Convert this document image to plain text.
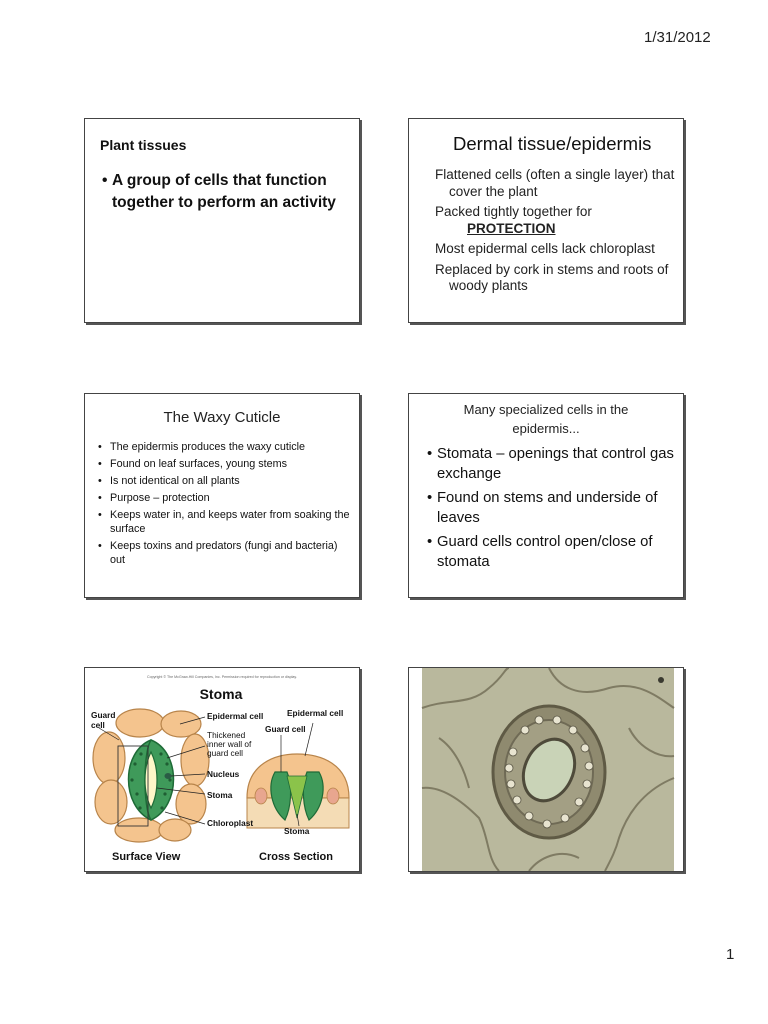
1/31/2012
Plant tissues
• A group of cells that function together to perform an activity
Dermal tissue/epidermis
Flattened cells (often a single layer) that cover the plant
Packed tightly together for
PROTECTION
Most epidermal cells lack chloroplast
Replaced by cork in stems and roots of woody plants
The Waxy Cuticle
• The epidermis produces the waxy cuticle
• Found on leaf surfaces, young stems
• Is not identical on all plants
• Purpose – protection
• Keeps water in, and keeps water from soaking the surface
• Keeps toxins and predators (fungi and bacteria) out
Many specialized cells in the
epidermis...
• Stomata – openings that control gas exchange
• Found on stems and underside of leaves
• Guard cells control open/close of stomata
Copyright © The McGraw-Hill Companies, Inc. Permission required for reproduction or display.
Stoma
Guard
cell
Epidermal cell
Thickened
inner wall of
guard cell
Nucleus
Stoma
Chloroplast
Epidermal cell
Guard cell
Stoma
Surface View	Cross Section
1
